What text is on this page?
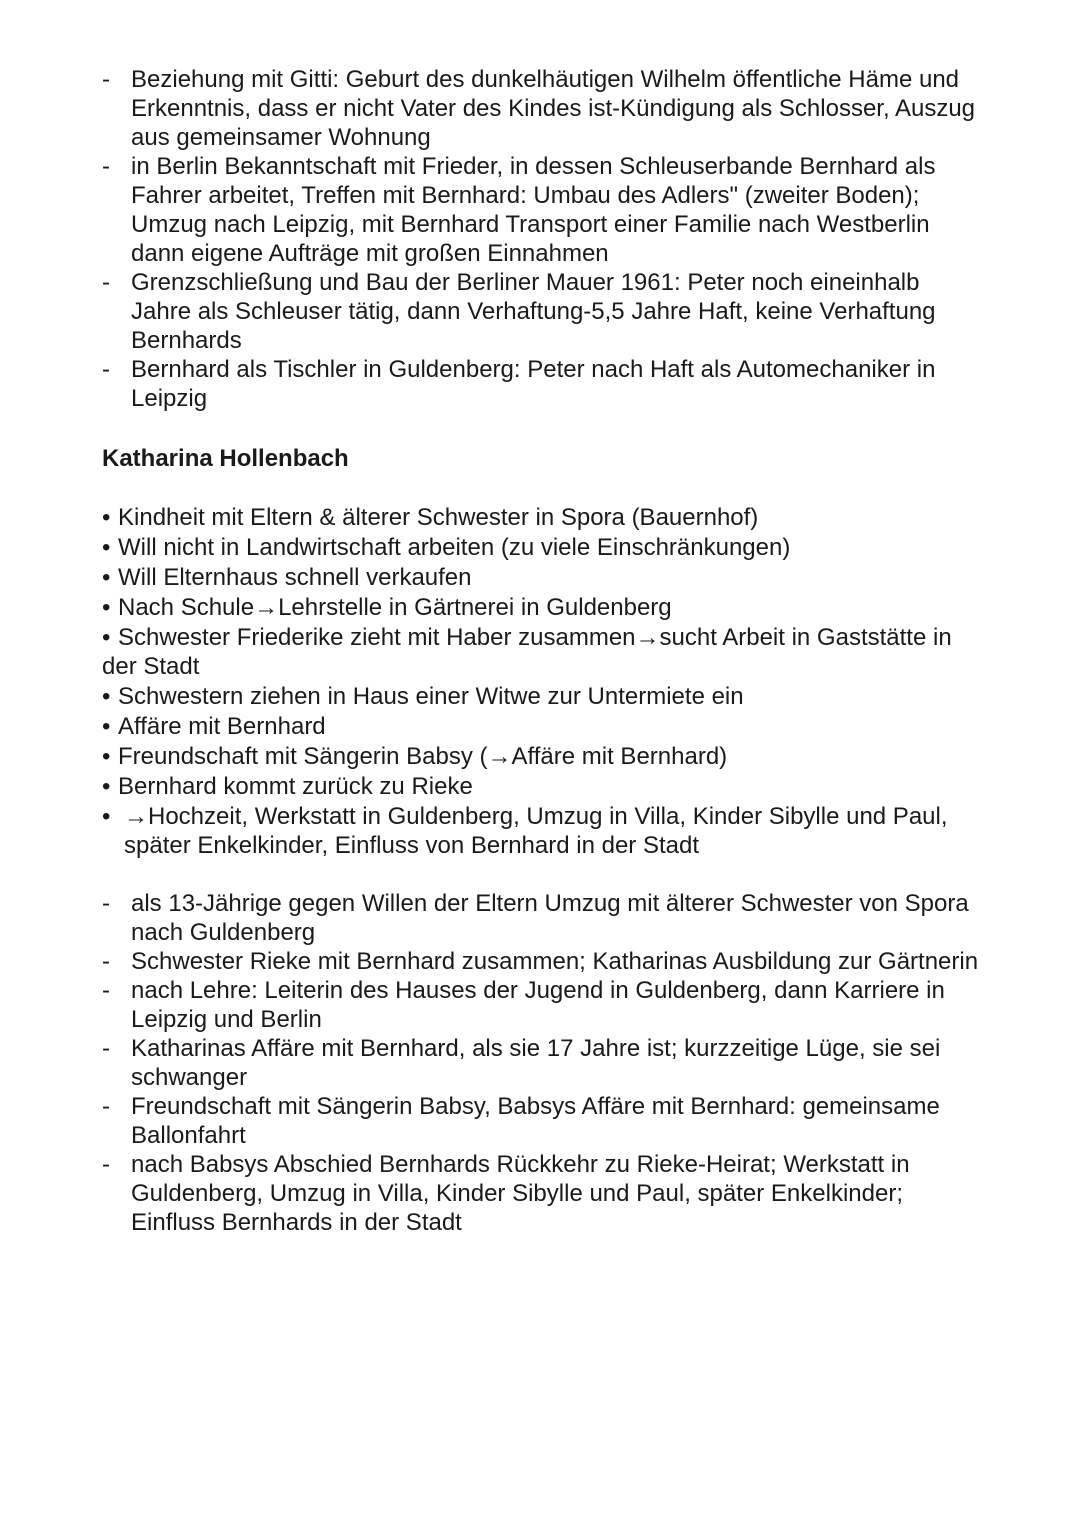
- Beziehung mit Gitti: Geburt des dunkelhäutigen Wilhelm öffentliche Häme und Erkenntnis, dass er nicht Vater des Kindes ist-Kündigung als Schlosser, Auszug aus gemeinsamer Wohnung
- in Berlin Bekanntschaft mit Frieder, in dessen Schleuserbande Bernhard als Fahrer arbeitet, Treffen mit Bernhard: Umbau des Adlers" (zweiter Boden); Umzug nach Leipzig, mit Bernhard Transport einer Familie nach Westberlin dann eigene Aufträge mit großen Einnahmen
- Grenzschließung und Bau der Berliner Mauer 1961: Peter noch eineinhalb Jahre als Schleuser tätig, dann Verhaftung-5,5 Jahre Haft, keine Verhaftung Bernhards
- Bernhard als Tischler in Guldenberg: Peter nach Haft als Automechaniker in Leipzig
Katharina Hollenbach
• Kindheit mit Eltern & älterer Schwester in Spora (Bauernhof)
• Will nicht in Landwirtschaft arbeiten (zu viele Einschränkungen)
• Will Elternhaus schnell verkaufen
• Nach Schule→Lehrstelle in Gärtnerei in Guldenberg
• Schwester Friederike zieht mit Haber zusammen→sucht Arbeit in Gaststätte in der Stadt
• Schwestern ziehen in Haus einer Witwe zur Untermiete ein
• Affäre mit Bernhard
• Freundschaft mit Sängerin Babsy (→Affäre mit Bernhard)
• Bernhard kommt zurück zu Rieke
• →Hochzeit, Werkstatt in Guldenberg, Umzug in Villa, Kinder Sibylle und Paul, später Enkelkinder, Einfluss von Bernhard in der Stadt
- als 13-Jährige gegen Willen der Eltern Umzug mit älterer Schwester von Spora nach Guldenberg
- Schwester Rieke mit Bernhard zusammen; Katharinas Ausbildung zur Gärtnerin
- nach Lehre: Leiterin des Hauses der Jugend in Guldenberg, dann Karriere in Leipzig und Berlin
- Katharinas Affäre mit Bernhard, als sie 17 Jahre ist; kurzzeitige Lüge, sie sei schwanger
- Freundschaft mit Sängerin Babsy, Babsys Affäre mit Bernhard: gemeinsame Ballonfahrt
- nach Babsys Abschied Bernhards Rückkehr zu Rieke-Heirat; Werkstatt in Guldenberg, Umzug in Villa, Kinder Sibylle und Paul, später Enkelkinder; Einfluss Bernhards in der Stadt
